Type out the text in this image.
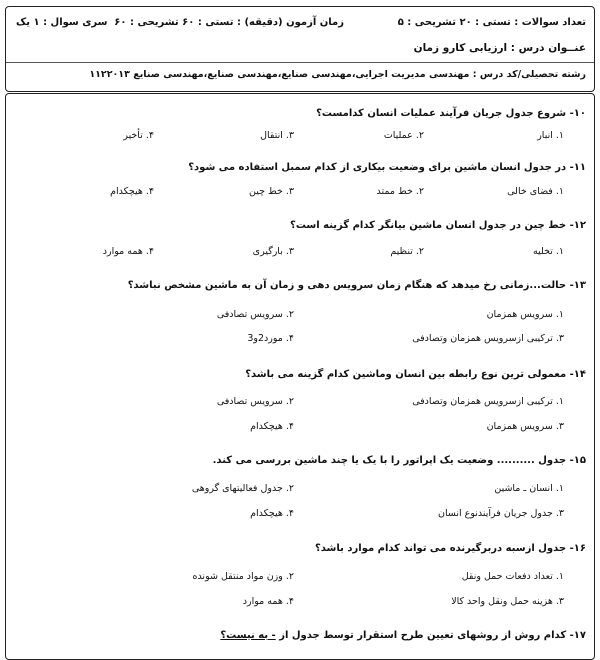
تعداد سوالات : تستی : ۲۰ تشریحی : ۵
زمان آزمون (دقیقه) : تستی : ۶۰ تشریحی : ۶۰
سری سوال : ۱ یک
عنــوان درس : ارزیابی کارو زمان
رشته تحصیلی/کد درس : مهندسی مدیریت اجرایی،مهندسی صنایع،مهندسی صنایع،مهندسی صنایع ۱۱۲۲۰۱۳
۱۰- شروع جدول جریان فرآیند عملیات انسان کدامست؟
۱. انبار
۲. عملیات
۳. انتقال
۴. تأخیر
۱۱- در جدول انسان ماشین برای وضعیت بیکاری از کدام سمبل استفاده می شود؟
۱. فضای خالی
۲. خط ممتد
۳. خط چین
۴. هیچکدام
۱۲- خط چین در جدول انسان ماشین بیانگر کدام گزینه است؟
۱. تخلیه
۲. تنظیم
۳. بارگیری
۴. همه موارد
۱۳- حالت...زمانی رخ میدهد که هنگام زمان سرویس دهی و زمان آن به ماشین مشخص نباشد؟
۱. سرویس همزمان
۲. سرویس تصادفی
۳. ترکیبی ازسرویس همزمان وتصادفی
۴. مورد2و3
۱۴- معمولی ترین نوع رابطه بین انسان وماشین کدام گزینه می باشد؟
۱. ترکیبی ازسرویس همزمان وتصادفی
۲. سرویس تصادفی
۳. سرویس همزمان
۴. هیچکدام
۱۵- جدول .......... وضعیت یک اپراتور را با یک یا چند ماشین بررسی می کند.
۱. انسان ـ ماشین
۲. جدول فعالیتهای گروهی
۳. جدول جریان فرآیندنوع انسان
۴. هیچکدام
۱۶- جدول ازسبه دربرگیرنده می تواند کدام موارد باشد؟
۱. تعداد دفعات حمل ونقل
۲. وزن مواد منتقل شونده
۳. هزینه حمل ونقل واحد کالا
۴. همه موارد
۱۷- کدام روش از روشهای تعیین طرح استقرار توسط جدول از - به نیست؟
